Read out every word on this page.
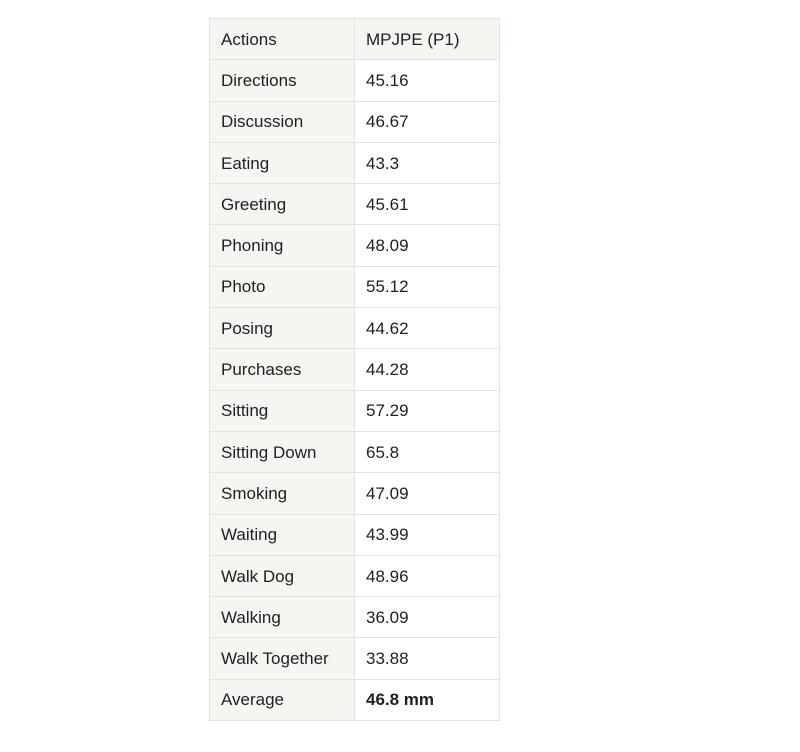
Actions	MPJPE (P1)
Directions	45.16
Discussion	46.67
Eating	43.3
Greeting	45.61
Phoning	48.09
Photo	55.12
Posing	44.62
Purchases	44.28
Sitting	57.29
Sitting Down	65.8
Smoking	47.09
Waiting	43.99
Walk Dog	48.96
Walking	36.09
Walk Together	33.88
Average	46.8 mm
